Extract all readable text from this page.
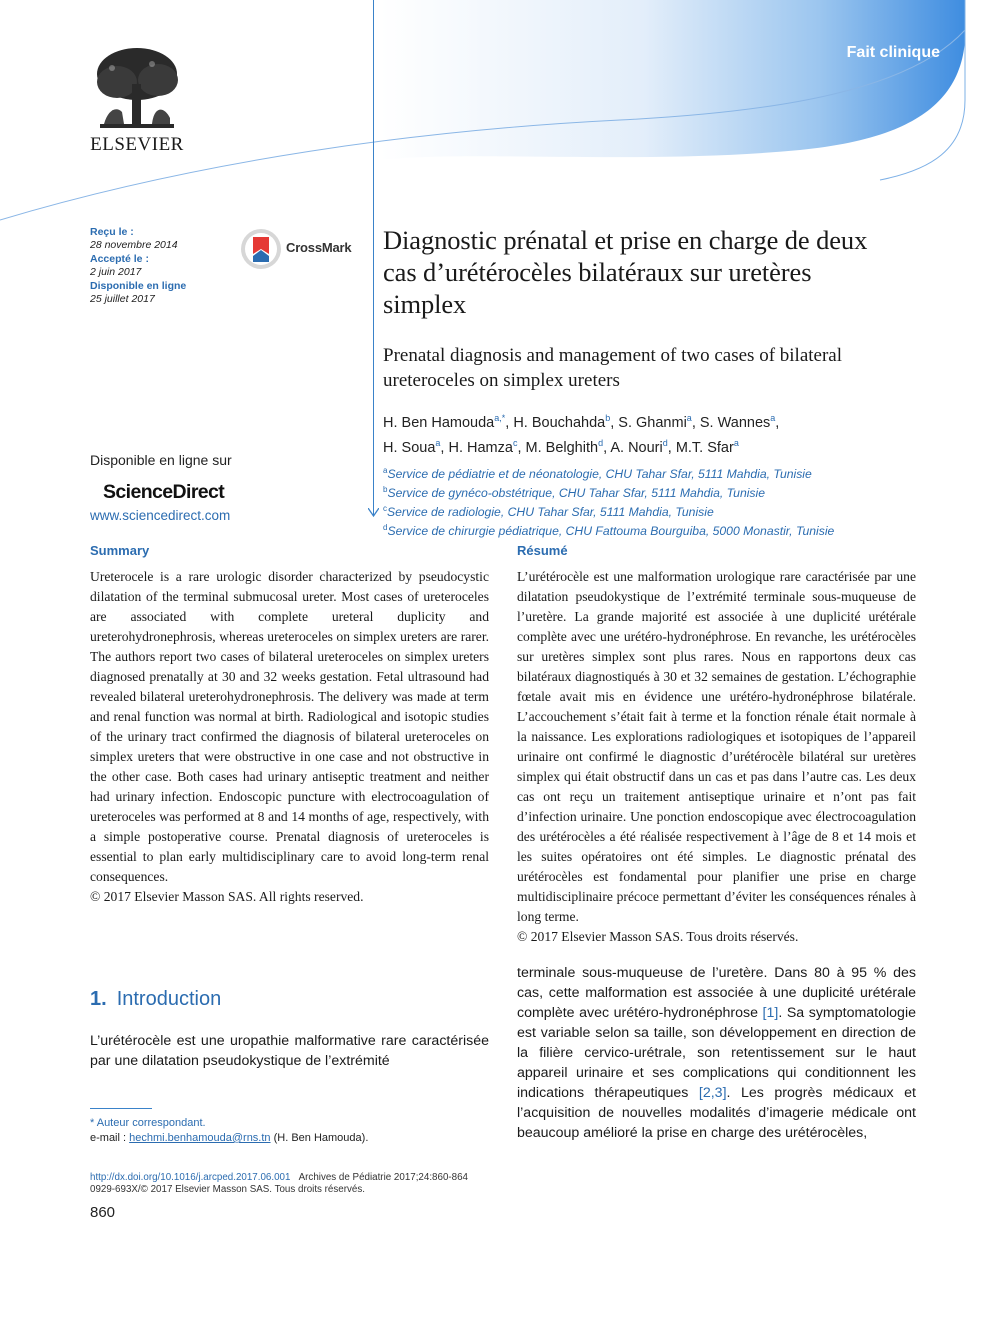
Fait clinique
ELSEVIER
Reçu le :
28 novembre 2014
Accepté le :
2 juin 2017
Disponible en ligne
25 juillet 2017
CrossMark Diagnostic prénatal et prise en charge de deux cas d’urétérocèles bilatéraux sur uretères simplex
Prenatal diagnosis and management of two cases of bilateral ureteroceles on simplex ureters
H. Ben Hamouda$^{a,*}$, H. Bouchahda$^b$, S. Ghanmi$^a$, S. Wannes$^a$,
H. Soua$^a$, H. Hamza$^c$, M. Belghith$^d$, A. Nouri$^d$, M.T. Sfar$^a$
$^a$Service de pédiatrie et de néonatologie, CHU Tahar Sfar, 5111 Mahdia, Tunisie
$^b$Service de gynéco-obstétrique, CHU Tahar Sfar, 5111 Mahdia, Tunisie
$^c$Service de radiologie, CHU Tahar Sfar, 5111 Mahdia, Tunisie
$^d$Service de chirurgie pédiatrique, CHU Fattouma Bourguiba, 5000 Monastir, Tunisie
Disponible en ligne sur
ScienceDirect
www.sciencedirect.com
Summary

Ureterocele is a rare urologic disorder characterized by pseudocystic dilatation of the terminal submucosal ureter. Most cases of ureteroceles are associated with complete ureteral duplicity and ureterohydronephrosis, whereas ureteroceles on simplex ureters are rarer. The authors report two cases of bilateral ureteroceles on simplex ureters diagnosed prenatally at 30 and 32 weeks gestation. Fetal ultrasound had revealed bilateral ureterohydronephrosis. The delivery was made at term and renal function was normal at birth. Radiological and isotopic studies of the urinary tract confirmed the diagnosis of bilateral ureteroceles on simplex ureters that were obstructive in one case and not obstructive in the other case. Both cases had urinary antiseptic treatment and neither had urinary infection. Endoscopic puncture with electrocoagulation of ureteroceles was performed at 8 and 14 months of age, respectively, with a simple postoperative course. Prenatal diagnosis of ureteroceles is essential to plan early multidisciplinary care to avoid long-term renal consequences.

© 2017 Elsevier Masson SAS. All rights reserved.

Résumé

L’urétérocèle est une malformation urologique rare caractérisée par une dilatation pseudokystique de l’extrémité terminale sous-muqueuse de l’uretère. La grande majorité est associée à une duplicité urétérale complète avec une urétéro-hydronéphrose. En revanche, les urétérocèles sur uretères simplex sont plus rares. Nous en rapportons deux cas bilatéraux diagnostiqués à 30 et 32 semaines de gestation. L’échographie fœtale avait mis en évidence une urétéro-hydronéphrose bilatérale. L’accouchement s’était fait à terme et la fonction rénale était normale à la naissance. Les explorations radiologiques et isotopiques de l’appareil urinaire ont confirmé le diagnostic d’urétérocèle bilatéral sur uretères simplex qui était obstructif dans un cas et pas dans l’autre cas. Les deux cas ont reçu un traitement antiseptique urinaire et n’ont pas fait d’infection urinaire. Une ponction endoscopique avec électrocoagulation des urétérocèles a été réalisée respectivement à l’âge de 8 et 14 mois et les suites opératoires ont été simples. Le diagnostic prénatal des urétérocèles est fondamental pour planifier une prise en charge multidisciplinaire précoce permettant d’éviter les conséquences rénales à long terme.

© 2017 Elsevier Masson SAS. Tous droits réservés.

1. Introduction
L’urétérocèle est une uropathie malformative rare caractérisée par une dilatation pseudokystique de l’extrémité
terminale sous-muqueuse de l’uretère. Dans 80 à 95 % des cas, cette malformation est associée à une duplicité urétérale complète avec urétéro-hydronéphrose [1]. Sa symptomatologie est variable selon sa taille, son développement en direction de la filière cervico-urétrale, son retentissement sur le haut appareil urinaire et ses complications qui conditionnent les indications thérapeutiques [2,3]. Les progrès médicaux et l’acquisition de nouvelles modalités d’imagerie médicale ont beaucoup amélioré la prise en charge des urétérocèles,
* Auteur correspondant.
e-mail : hechmi.benhamouda@rns.tn (H. Ben Hamouda).
http://dx.doi.org/10.1016/j.arcped.2017.06.001 Archives de Pédiatrie 2017;24:860-864
0929-693X/© 2017 Elsevier Masson SAS. Tous droits réservés.
860
